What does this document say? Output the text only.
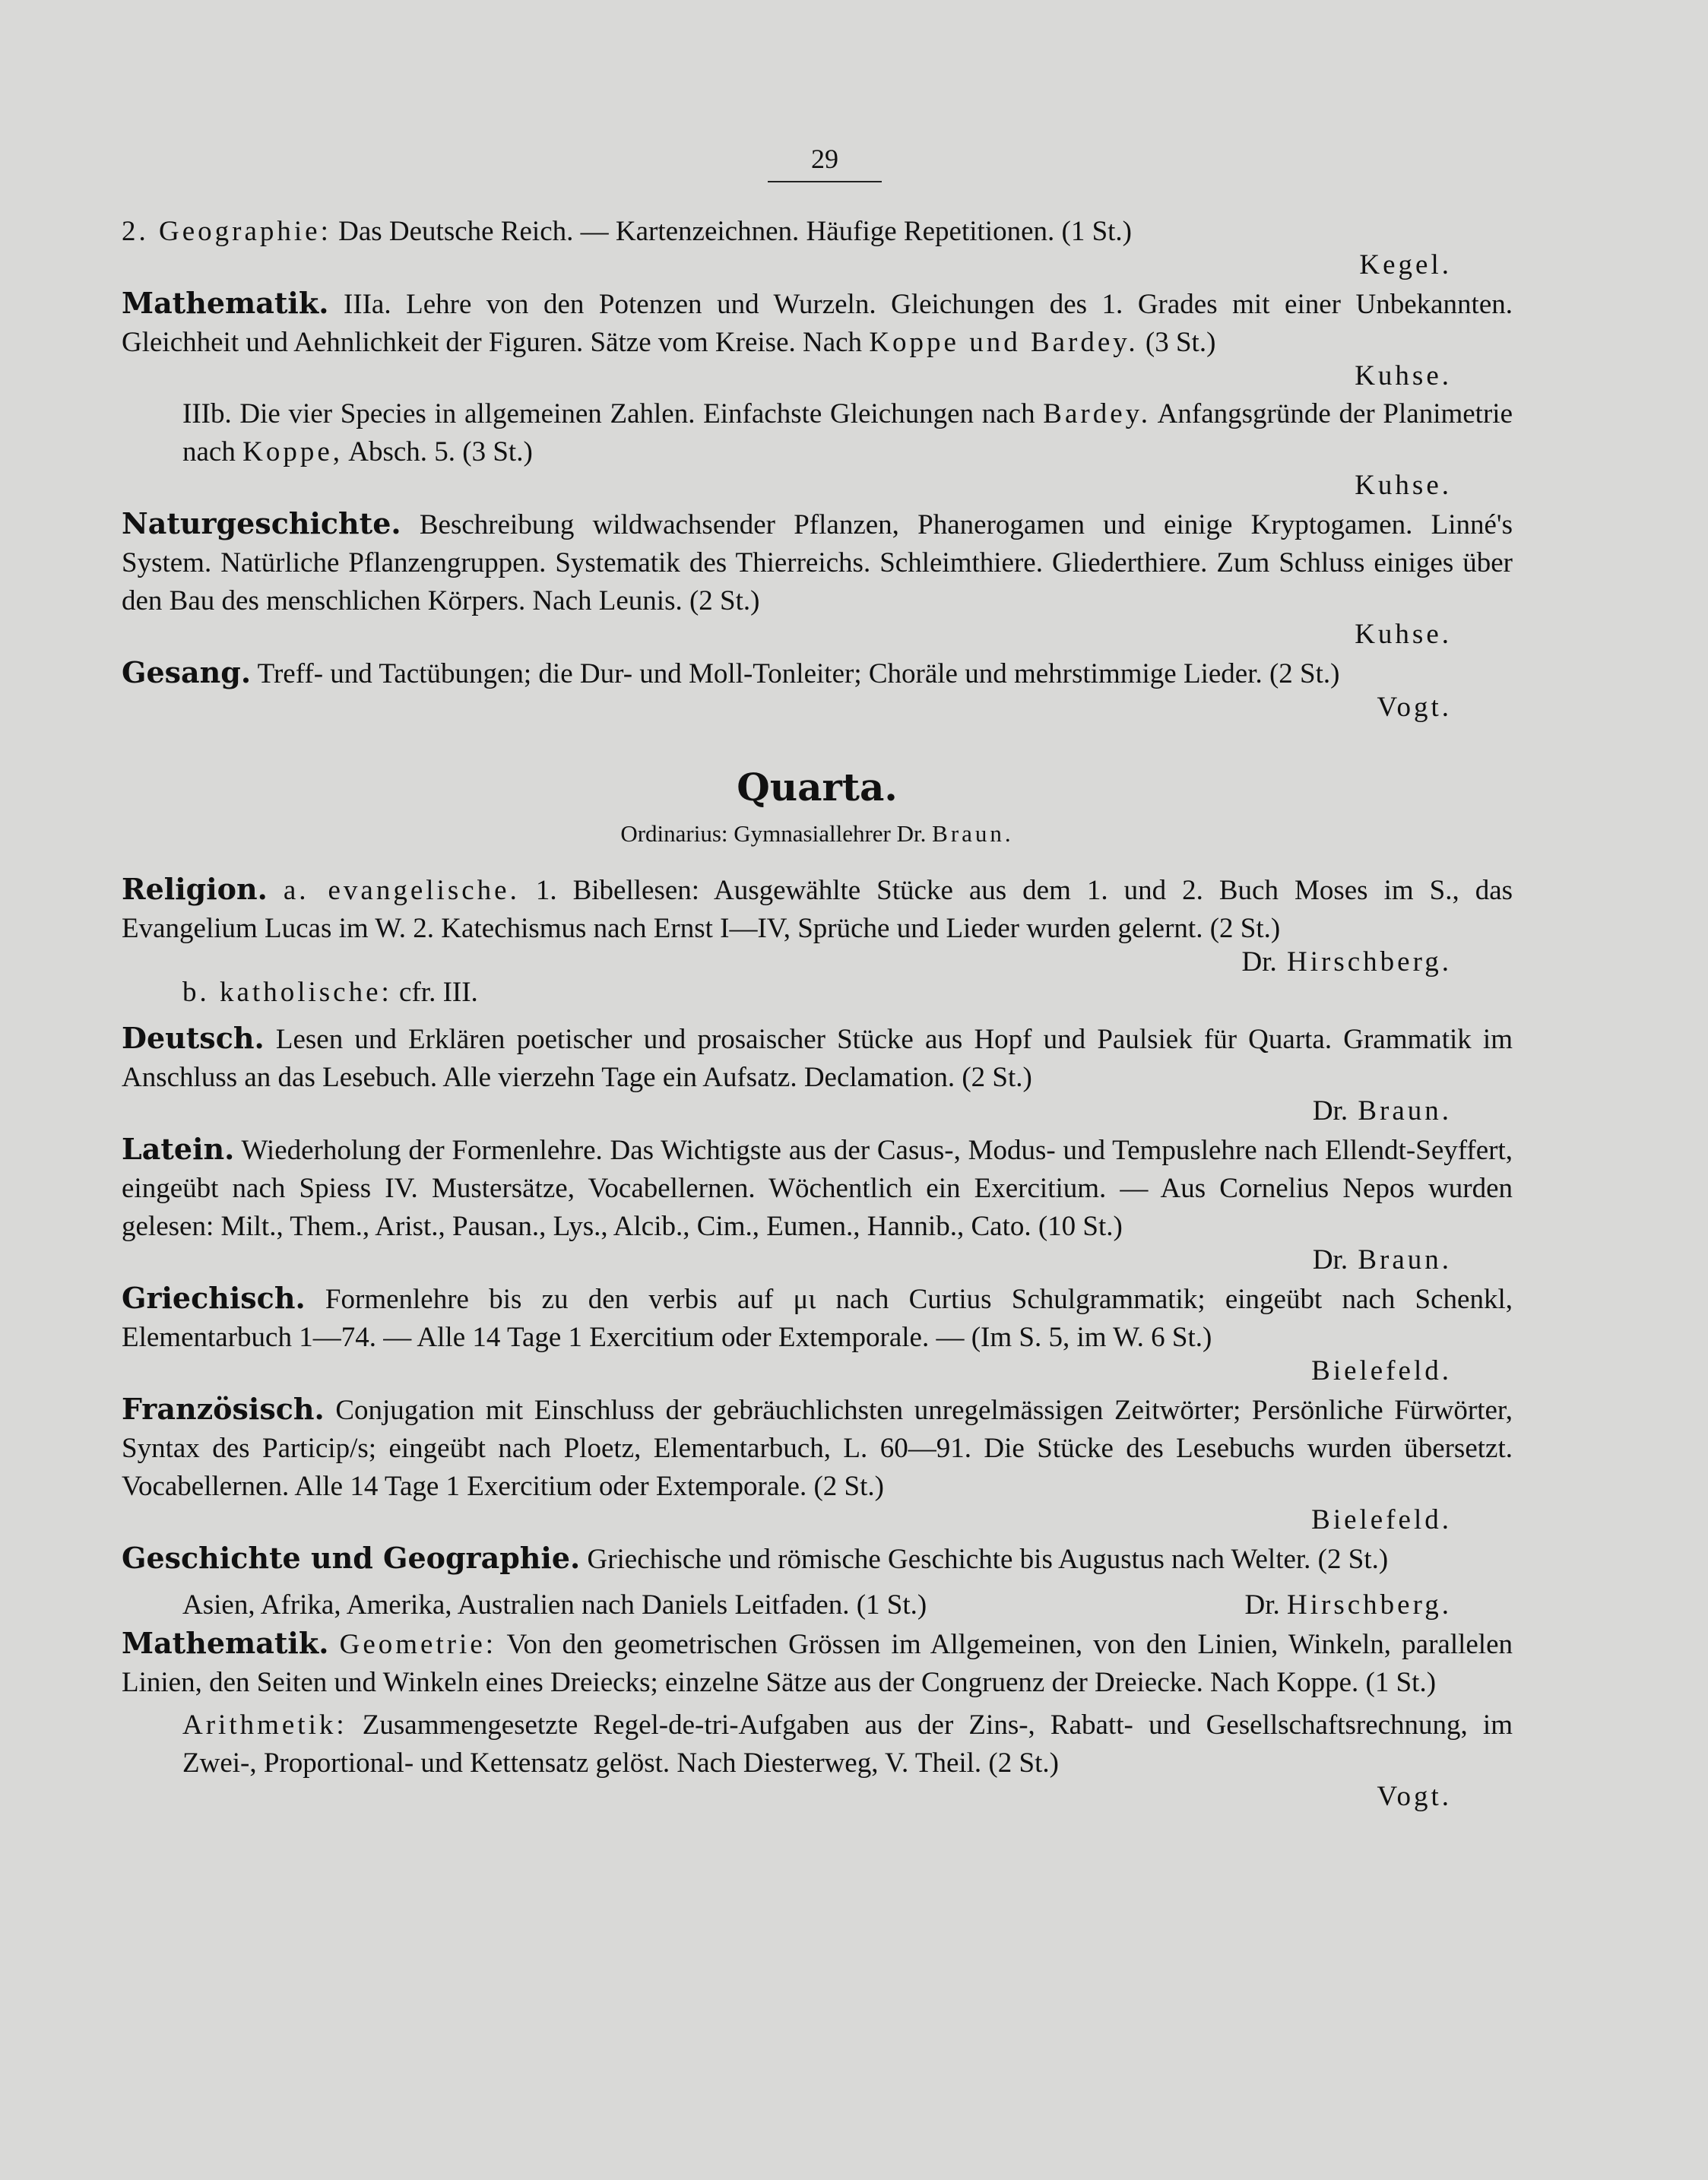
29

2. Geographie: Das Deutsche Reich. — Kartenzeichnen. Häufige Repetitionen. (1 St.)

Kegel.

Mathematik. IIIa. Lehre von den Potenzen und Wurzeln. Gleichungen des 1. Grades mit einer Unbekannten. Gleichheit und Aehnlichkeit der Figuren. Sätze vom Kreise. Nach Koppe und Bardey. (3 St.)

Kuhse.

IIIb. Die vier Species in allgemeinen Zahlen. Einfachste Gleichungen nach Bardey. Anfangsgründe der Planimetrie nach Koppe, Absch. 5. (3 St.)

Kuhse.

Naturgeschichte. Beschreibung wildwachsender Pflanzen, Phanerogamen und einige Kryptogamen. Linné's System. Natürliche Pflanzengruppen. Systematik des Thierreichs. Schleimthiere. Gliederthiere. Zum Schluss einiges über den Bau des menschlichen Körpers. Nach Leunis. (2 St.)

Kuhse.

Gesang. Treff- und Tactübungen; die Dur- und Moll-Tonleiter; Choräle und mehrstimmige Lieder. (2 St.)

Vogt.
Quarta.
Ordinarius: Gymnasiallehrer Dr. Braun.

Religion. a. evangelische. 1. Bibellesen: Ausgewählte Stücke aus dem 1. und 2. Buch Moses im S., das Evangelium Lucas im W. 2. Katechismus nach Ernst I—IV, Sprüche und Lieder wurden gelernt. (2 St.)

Dr. Hirschberg.

b. katholische: cfr. III.

Deutsch. Lesen und Erklären poetischer und prosaischer Stücke aus Hopf und Paulsiek für Quarta. Grammatik im Anschluss an das Lesebuch. Alle vierzehn Tage ein Aufsatz. Declamation. (2 St.)

Dr. Braun.

Latein. Wiederholung der Formenlehre. Das Wichtigste aus der Casus-, Modus- und Tempuslehre nach Ellendt-Seyffert, eingeübt nach Spiess IV. Mustersätze, Vocabellernen. Wöchentlich ein Exercitium. — Aus Cornelius Nepos wurden gelesen: Milt., Them., Arist., Pausan., Lys., Alcib., Cim., Eumen., Hannib., Cato. (10 St.)

Dr. Braun.

Griechisch. Formenlehre bis zu den verbis auf μι nach Curtius Schulgrammatik; eingeübt nach Schenkl, Elementarbuch 1—74. — Alle 14 Tage 1 Exercitium oder Extemporale. — (Im S. 5, im W. 6 St.)

Bielefeld.

Französisch. Conjugation mit Einschluss der gebräuchlichsten unregelmässigen Zeitwörter; Persönliche Fürwörter, Syntax des Particip/s; eingeübt nach Ploetz, Elementarbuch, L. 60—91. Die Stücke des Lesebuchs wurden übersetzt. Vocabellernen. Alle 14 Tage 1 Exercitium oder Extemporale. (2 St.)

Bielefeld.

Geschichte und Geographie. Griechische und römische Geschichte bis Augustus nach Welter. (2 St.)

Asien, Afrika, Amerika, Australien nach Daniels Leitfaden. (1 St.)	Dr. Hirschberg.

Mathematik. Geometrie: Von den geometrischen Grössen im Allgemeinen, von den Linien, Winkeln, parallelen Linien, den Seiten und Winkeln eines Dreiecks; einzelne Sätze aus der Congruenz der Dreiecke. Nach Koppe. (1 St.)

Arithmetik: Zusammengesetzte Regel-de-tri-Aufgaben aus der Zins-, Rabatt- und Gesellschaftsrechnung, im Zwei-, Proportional- und Kettensatz gelöst. Nach Diesterweg, V. Theil. (2 St.)

Vogt.
